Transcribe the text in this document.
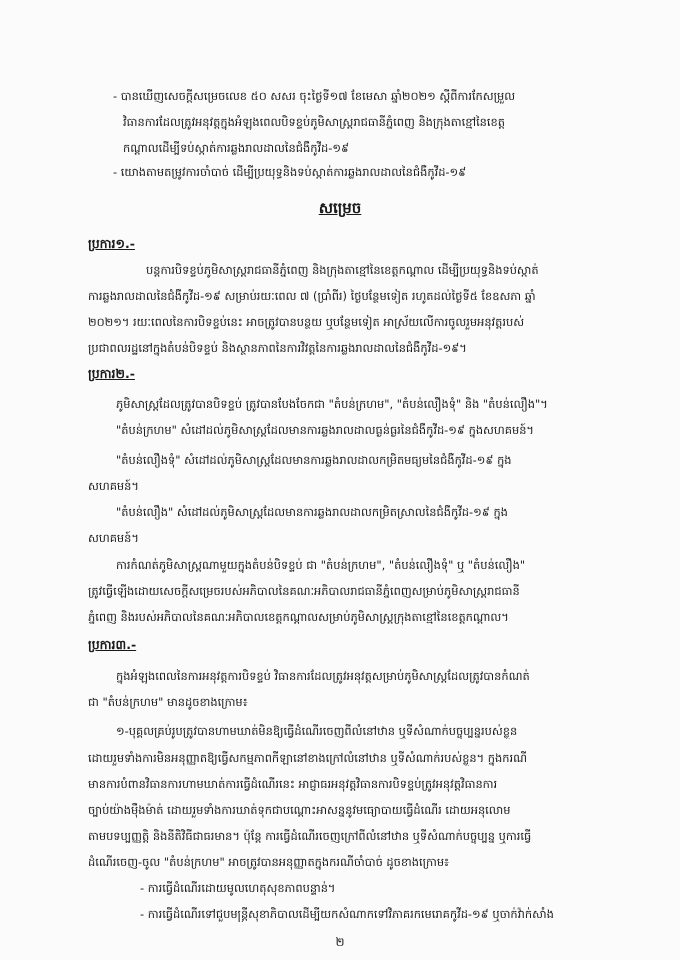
- បានឃើញសេចក្ដីសម្រេចលេខ ៥០ សសរ ចុះថ្ងៃទី១៧ ខែមេសា ឆ្នាំ២០២១ ស្ដីពីការកែសម្រួល
វិធានការដែលត្រូវអនុវត្តក្នុងអំឡុងពេលបិទខ្ទប់ភូមិសាស្ត្ររាជធានីភ្នំពេញ និងក្រុងតាខ្មៅនៃខេត្ត
កណ្ដាលដើម្បីទប់ស្កាត់ការឆ្លងរាលដាលនៃជំងឺកូវីដ-១៩
- យោងតាមតម្រូវការចាំបាច់ ដើម្បីប្រយុទ្ធនិងទប់ស្កាត់ការឆ្លងរាលដាលនៃជំងឺកូវីដ-១៩
សម្រេច
ប្រការ១.-
បន្តការបិទខ្ទប់ភូមិសាស្ត្ររាជធានីភ្នំពេញ និងក្រុងតាខ្មៅនៃខេត្តកណ្ដាល ដើម្បីប្រយុទ្ធនិងទប់ស្កាត់
ការឆ្លងរាលដាលនៃជំងឺកូវីដ-១៩ សម្រាប់រយៈពេល ៧ (ប្រាំពីរ) ថ្ងៃបន្ថែមទៀត រហូតដល់ថ្ងៃទី៥ ខែឧសភា ឆ្នាំ
២០២១។ រយៈពេលនៃការបិទខ្ទប់នេះ អាចត្រូវបានបន្ថយ ឬបន្ថែមទៀត អាស្រ័យលើការចូលរួមអនុវត្តរបស់
ប្រជាពលរដ្ឋនៅក្នុងតំបន់បិទខ្ទប់ និងស្ថានភាពនៃការវិវត្តនៃការឆ្លងរាលដាលនៃជំងឺកូវីដ-១៩។
ប្រការ២.-
ភូមិសាស្ត្រដែលត្រូវបានបិទខ្ទប់ ត្រូវបានបែងចែកជា "តំបន់ក្រហម", "តំបន់លឿងទុំ" និង "តំបន់លឿង"។
"តំបន់ក្រហម" សំដៅដល់ភូមិសាស្ត្រដែលមានការឆ្លងរាលដាលធ្ងន់ធ្ងរនៃជំងឺកូវីដ-១៩ ក្នុងសហគមន៍។
"តំបន់លឿងទុំ" សំដៅដល់ភូមិសាស្ត្រដែលមានការឆ្លងរាលដាលកម្រិតមធ្យមនៃជំងឺកូវីដ-១៩ ក្នុង
សហគមន៍។
"តំបន់លឿង" សំដៅដល់ភូមិសាស្ត្រដែលមានការឆ្លងរាលដាលកម្រិតស្រាលនៃជំងឺកូវីដ-១៩ ក្នុង
សហគមន៍។
ការកំណត់ភូមិសាស្ត្រណាមួយក្នុងតំបន់បិទខ្ទប់ ជា "តំបន់ក្រហម", "តំបន់លឿងទុំ" ឬ "តំបន់លឿង"
ត្រូវធ្វើឡើងដោយសេចក្ដីសម្រេចរបស់អភិបាលនៃគណៈអភិបាលរាជធានីភ្នំពេញសម្រាប់ភូមិសាស្ត្ររាជធានី
ភ្នំពេញ និងរបស់អភិបាលនៃគណៈអភិបាលខេត្តកណ្ដាលសម្រាប់ភូមិសាស្ត្រក្រុងតាខ្មៅនៃខេត្តកណ្ដាល។
ប្រការ៣.-
ក្នុងអំឡុងពេលនៃការអនុវត្តការបិទខ្ទប់ វិធានការដែលត្រូវអនុវត្តសម្រាប់ភូមិសាស្ត្រដែលត្រូវបានកំណត់
ជា "តំបន់ក្រហម" មានដូចខាងក្រោម៖
១-បុគ្គលគ្រប់រូបត្រូវបានហាមឃាត់មិនឱ្យធ្វើដំណើរចេញពីលំនៅឋាន ឬទីសំណាក់បច្ចុប្បន្នរបស់ខ្លួន
ដោយរួមទាំងការមិនអនុញ្ញាតឱ្យធ្វើសកម្មភាពកីឡានៅខាងក្រៅលំនៅឋាន ឬទីសំណាក់របស់ខ្លួន។ ក្នុងករណី
មានការបំពានវិធានការហាមឃាត់ការធ្វើដំណើរនេះ អាជ្ញាធរអនុវត្តវិធានការបិទខ្ទប់ត្រូវអនុវត្តវិធានការ
ច្បាប់យ៉ាងម៉ឺងម៉ាត់ ដោយរួមទាំងការឃាត់ទុកជាបណ្ដោះអាសន្ននូវមធ្យោបាយធ្វើដំណើរ ដោយអនុលោម
តាមបទប្បញ្ញត្តិ និងនីតិវិធីជាធរមាន។ ប៉ុន្តែ ការធ្វើដំណើរចេញក្រៅពីលំនៅឋាន ឬទីសំណាក់បច្ចុប្បន្ន ឬការធ្វើ
ដំណើរចេញ-ចូល "តំបន់ក្រហម" អាចត្រូវបានអនុញ្ញាតក្នុងករណីចាំបាច់ ដូចខាងក្រោម៖
- ការធ្វើដំណើរដោយមូលហេតុសុខភាពបន្ទាន់។
- ការធ្វើដំណើរទៅជួបមន្ត្រីសុខាភិបាលដើម្បីយកសំណាកទៅវិភាគរកមេរោគកូវីដ-១៩ ឬចាក់វ៉ាក់សាំង
២
